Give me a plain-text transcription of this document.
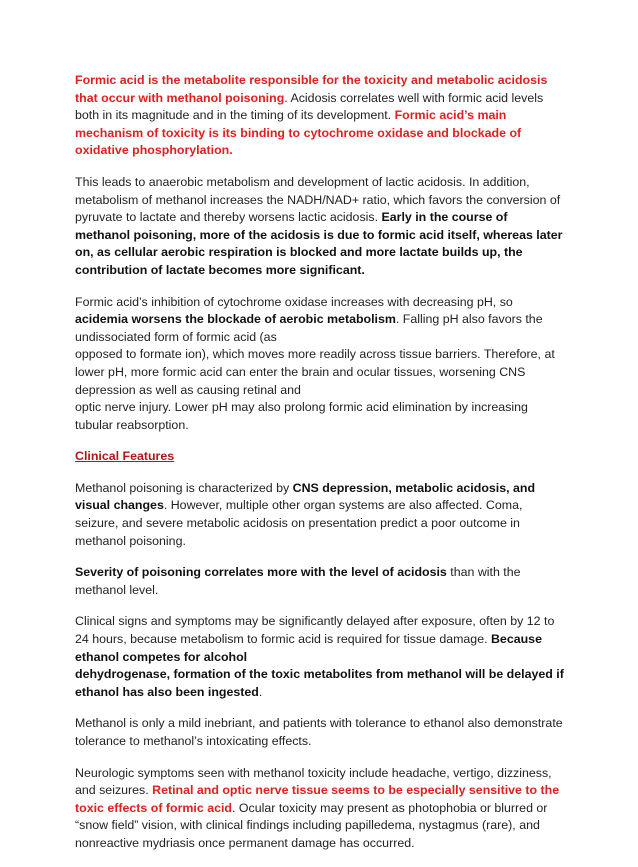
Formic acid is the metabolite responsible for the toxicity and metabolic acidosis that occur with methanol poisoning. Acidosis correlates well with formic acid levels both in its magnitude and in the timing of its development. Formic acid’s main mechanism of toxicity is its binding to cytochrome oxidase and blockade of oxidative phosphorylation.

This leads to anaerobic metabolism and development of lactic acidosis. In addition, metabolism of methanol increases the NADH/NAD+ ratio, which favors the conversion of pyruvate to lactate and thereby worsens lactic acidosis. Early in the course of methanol poisoning, more of the acidosis is due to formic acid itself, whereas later on, as cellular aerobic respiration is blocked and more lactate builds up, the contribution of lactate becomes more significant.

Formic acid’s inhibition of cytochrome oxidase increases with decreasing pH, so acidemia worsens the blockade of aerobic metabolism. Falling pH also favors the undissociated form of formic acid (as
opposed to formate ion), which moves more readily across tissue barriers. Therefore, at lower pH, more formic acid can enter the brain and ocular tissues, worsening CNS depression as well as causing retinal and
optic nerve injury. Lower pH may also prolong formic acid elimination by increasing tubular reabsorption.

Clinical Features

Methanol poisoning is characterized by CNS depression, metabolic acidosis, and visual changes. However, multiple other organ systems are also affected. Coma, seizure, and severe metabolic acidosis on presentation predict a poor outcome in methanol poisoning.

Severity of poisoning correlates more with the level of acidosis than with the methanol level.

Clinical signs and symptoms may be significantly delayed after exposure, often by 12 to 24 hours, because metabolism to formic acid is required for tissue damage. Because ethanol competes for alcohol
dehydrogenase, formation of the toxic metabolites from methanol will be delayed if ethanol has also been ingested.

Methanol is only a mild inebriant, and patients with tolerance to ethanol also demonstrate tolerance to methanol’s intoxicating effects.

Neurologic symptoms seen with methanol toxicity include headache, vertigo, dizziness, and seizures. Retinal and optic nerve tissue seems to be especially sensitive to the toxic effects of formic acid. Ocular toxicity may present as photophobia or blurred or “snow field” vision, with clinical findings including papilledema, nystagmus (rare), and nonreactive mydriasis once permanent damage has occurred.
